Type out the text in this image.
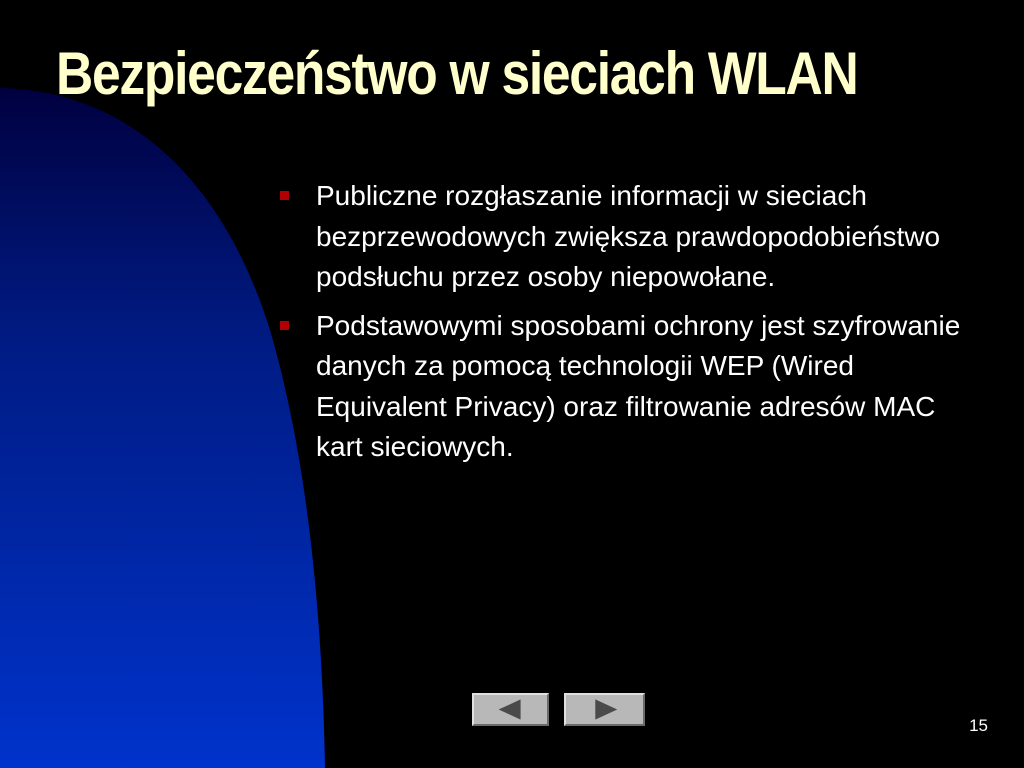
Bezpieczeństwo w sieciach WLAN
Publiczne rozgłaszanie informacji w sieciach bezprzewodowych zwiększa prawdopodobieństwo podsłuchu przez osoby niepowołane.
Podstawowymi sposobami ochrony jest szyfrowanie danych za pomocą technologii WEP (Wired Equivalent Privacy) oraz filtrowanie adresów MAC kart sieciowych.
15
